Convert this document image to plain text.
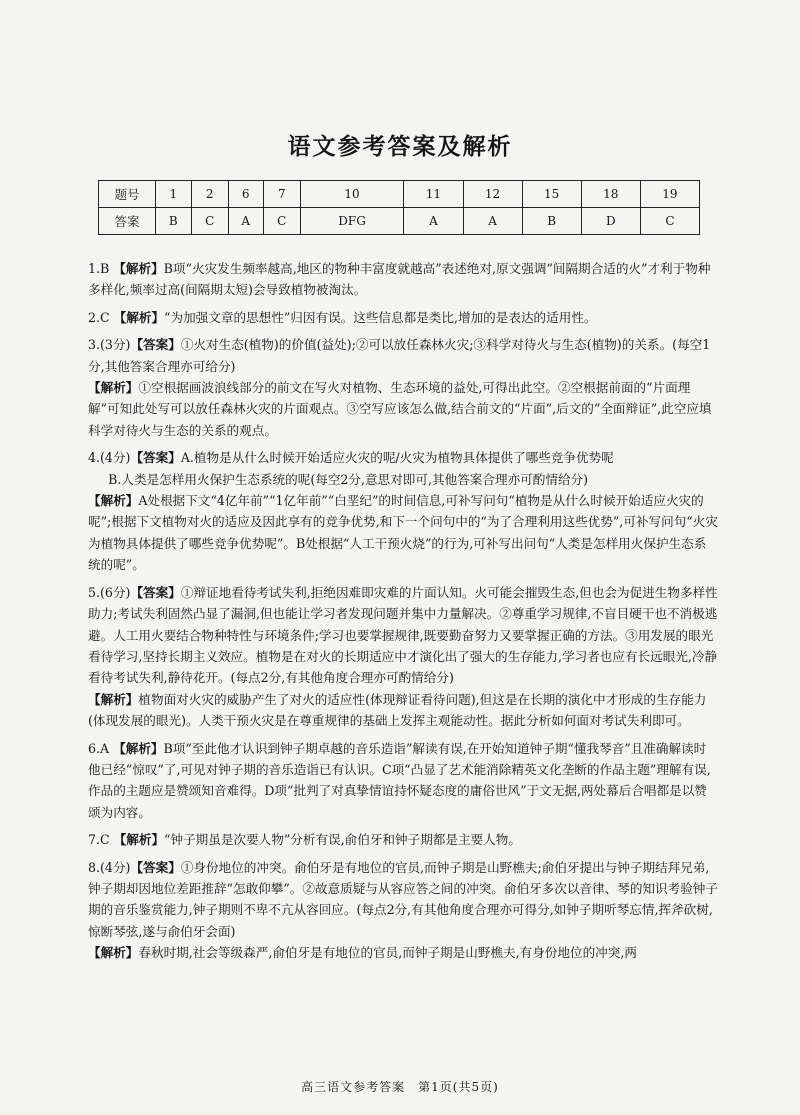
语文参考答案及解析
题号	1	2	6	7	10	11	12	15	18	19
答案	B	C	A	C	DFG	A	A	B	D	C

1.B 【解析】B项“火灾发生频率越高,地区的物种丰富度就越高”表述绝对,原文强调“间隔期合适的火”才利于物种多样化,频率过高(间隔期太短)会导致植物被淘汰。

2.C 【解析】“为加强文章的思想性”归因有误。这些信息都是类比,增加的是表达的适用性。

3.(3分)【答案】①火对生态(植物)的价值(益处);②可以放任森林火灾;③科学对待火与生态(植物)的关系。(每空1分,其他答案合理亦可给分)

【解析】①空根据画波浪线部分的前文在写火对植物、生态环境的益处,可得出此空。②空根据前面的“片面理解”可知此处写可以放任森林火灾的片面观点。③空写应该怎么做,结合前文的“片面”,后文的“全面辩证”,此空应填科学对待火与生态的关系的观点。

4.(4分)【答案】A.植物是从什么时候开始适应火灾的呢/火灾为植物具体提供了哪些竞争优势呢

B.人类是怎样用火保护生态系统的呢(每空2分,意思对即可,其他答案合理亦可酌情给分)

【解析】A处根据下文“4亿年前”“1亿年前”“白垩纪”的时间信息,可补写问句“植物是从什么时候开始适应火灾的呢”;根据下文植物对火的适应及因此享有的竞争优势,和下一个问句中的“为了合理利用这些优势”,可补写问句“火灾为植物具体提供了哪些竞争优势呢”。B处根据“人工干预火烧”的行为,可补写出问句“人类是怎样用火保护生态系统的呢”。

5.(6分)【答案】①辩证地看待考试失利,拒绝因难即灾难的片面认知。火可能会摧毁生态,但也会为促进生物多样性助力;考试失利固然凸显了漏洞,但也能让学习者发现问题并集中力量解决。②尊重学习规律,不盲目硬干也不消极逃避。人工用火要结合物种特性与环境条件;学习也要掌握规律,既要勤奋努力又要掌握正确的方法。③用发展的眼光看待学习,坚持长期主义效应。植物是在对火的长期适应中才演化出了强大的生存能力,学习者也应有长远眼光,冷静看待考试失利,静待花开。(每点2分,有其他角度合理亦可酌情给分)

【解析】植物面对火灾的威胁产生了对火的适应性(体现辩证看待问题),但这是在长期的演化中才形成的生存能力(体现发展的眼光)。人类干预火灾是在尊重规律的基础上发挥主观能动性。据此分析如何面对考试失利即可。

6.A 【解析】B项“至此他才认识到钟子期卓越的音乐造诣”解读有误,在开始知道钟子期“懂我琴音”且准确解读时他已经“惊叹”了,可见对钟子期的音乐造诣已有认识。C项“凸显了艺术能消除精英文化垄断的作品主题”理解有误,作品的主题应是赞颂知音难得。D项“批判了对真挚情谊持怀疑态度的庸俗世风”于文无据,两处幕后合唱都是以赞颂为内容。

7.C 【解析】“钟子期虽是次要人物”分析有误,俞伯牙和钟子期都是主要人物。

8.(4分)【答案】①身份地位的冲突。俞伯牙是有地位的官员,而钟子期是山野樵夫;俞伯牙提出与钟子期结拜兄弟,钟子期却因地位差距推辞“怎敢仰攀”。②故意质疑与从容应答之间的冲突。俞伯牙多次以音律、琴的知识考验钟子期的音乐鉴赏能力,钟子期则不卑不亢从容回应。(每点2分,有其他角度合理亦可得分,如钟子期听琴忘情,挥斧砍树,惊断琴弦,遂与俞伯牙会面)

【解析】春秋时期,社会等级森严,俞伯牙是有地位的官员,而钟子期是山野樵夫,有身份地位的冲突,两

高三语文参考答案　第1页(共5页)
